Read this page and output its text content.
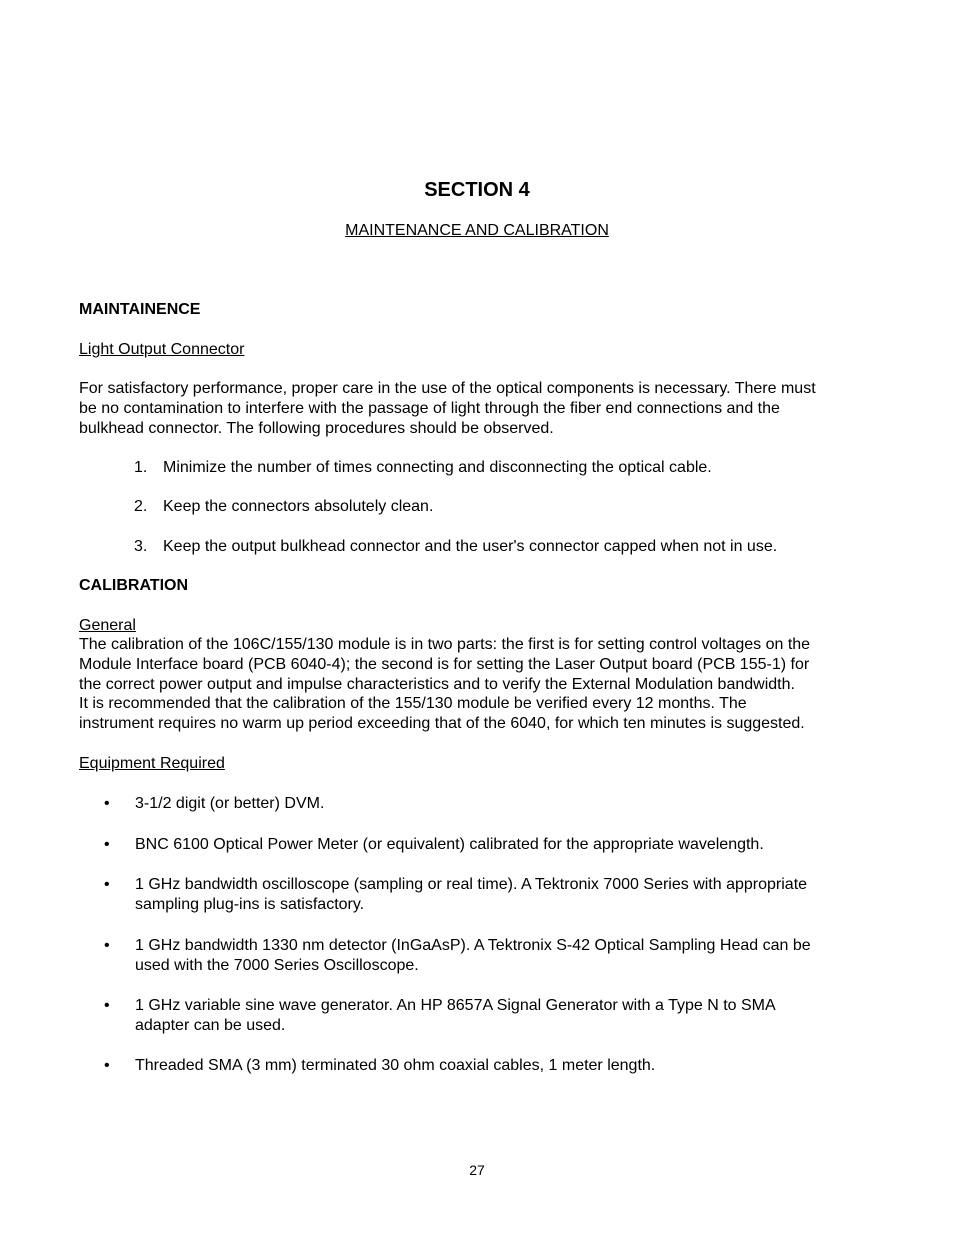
SECTION 4
MAINTENANCE AND CALIBRATION
MAINTAINENCE
Light Output Connector
For satisfactory performance, proper care in the use of the optical components is necessary. There must
be no contamination to interfere with the passage of light through the fiber end connections and the
bulkhead connector. The following procedures should be observed.
1. Minimize the number of times connecting and disconnecting the optical cable.
2. Keep the connectors absolutely clean.
3. Keep the output bulkhead connector and the user's connector capped when not in use.
CALIBRATION
General
The calibration of the 106C/155/130 module is in two parts: the first is for setting control voltages on the
Module Interface board (PCB 6040-4); the second is for setting the Laser Output board (PCB 155-1) for
the correct power output and impulse characteristics and to verify the External Modulation bandwidth.
It is recommended that the calibration of the 155/130 module be verified every 12 months. The
instrument requires no warm up period exceeding that of the 6040, for which ten minutes is suggested.
Equipment Required
•	3-1/2 digit (or better) DVM.
•	BNC 6100 Optical Power Meter (or equivalent) calibrated for the appropriate wavelength.
•	1 GHz bandwidth oscilloscope (sampling or real time). A Tektronix 7000 Series with appropriate
sampling plug-ins is satisfactory.
•	1 GHz bandwidth 1330 nm detector (InGaAsP). A Tektronix S-42 Optical Sampling Head can be
used with the 7000 Series Oscilloscope.
•	1 GHz variable sine wave generator. An HP 8657A Signal Generator with a Type N to SMA
adapter can be used.
•	Threaded SMA (3 mm) terminated 30 ohm coaxial cables, 1 meter length.
27
